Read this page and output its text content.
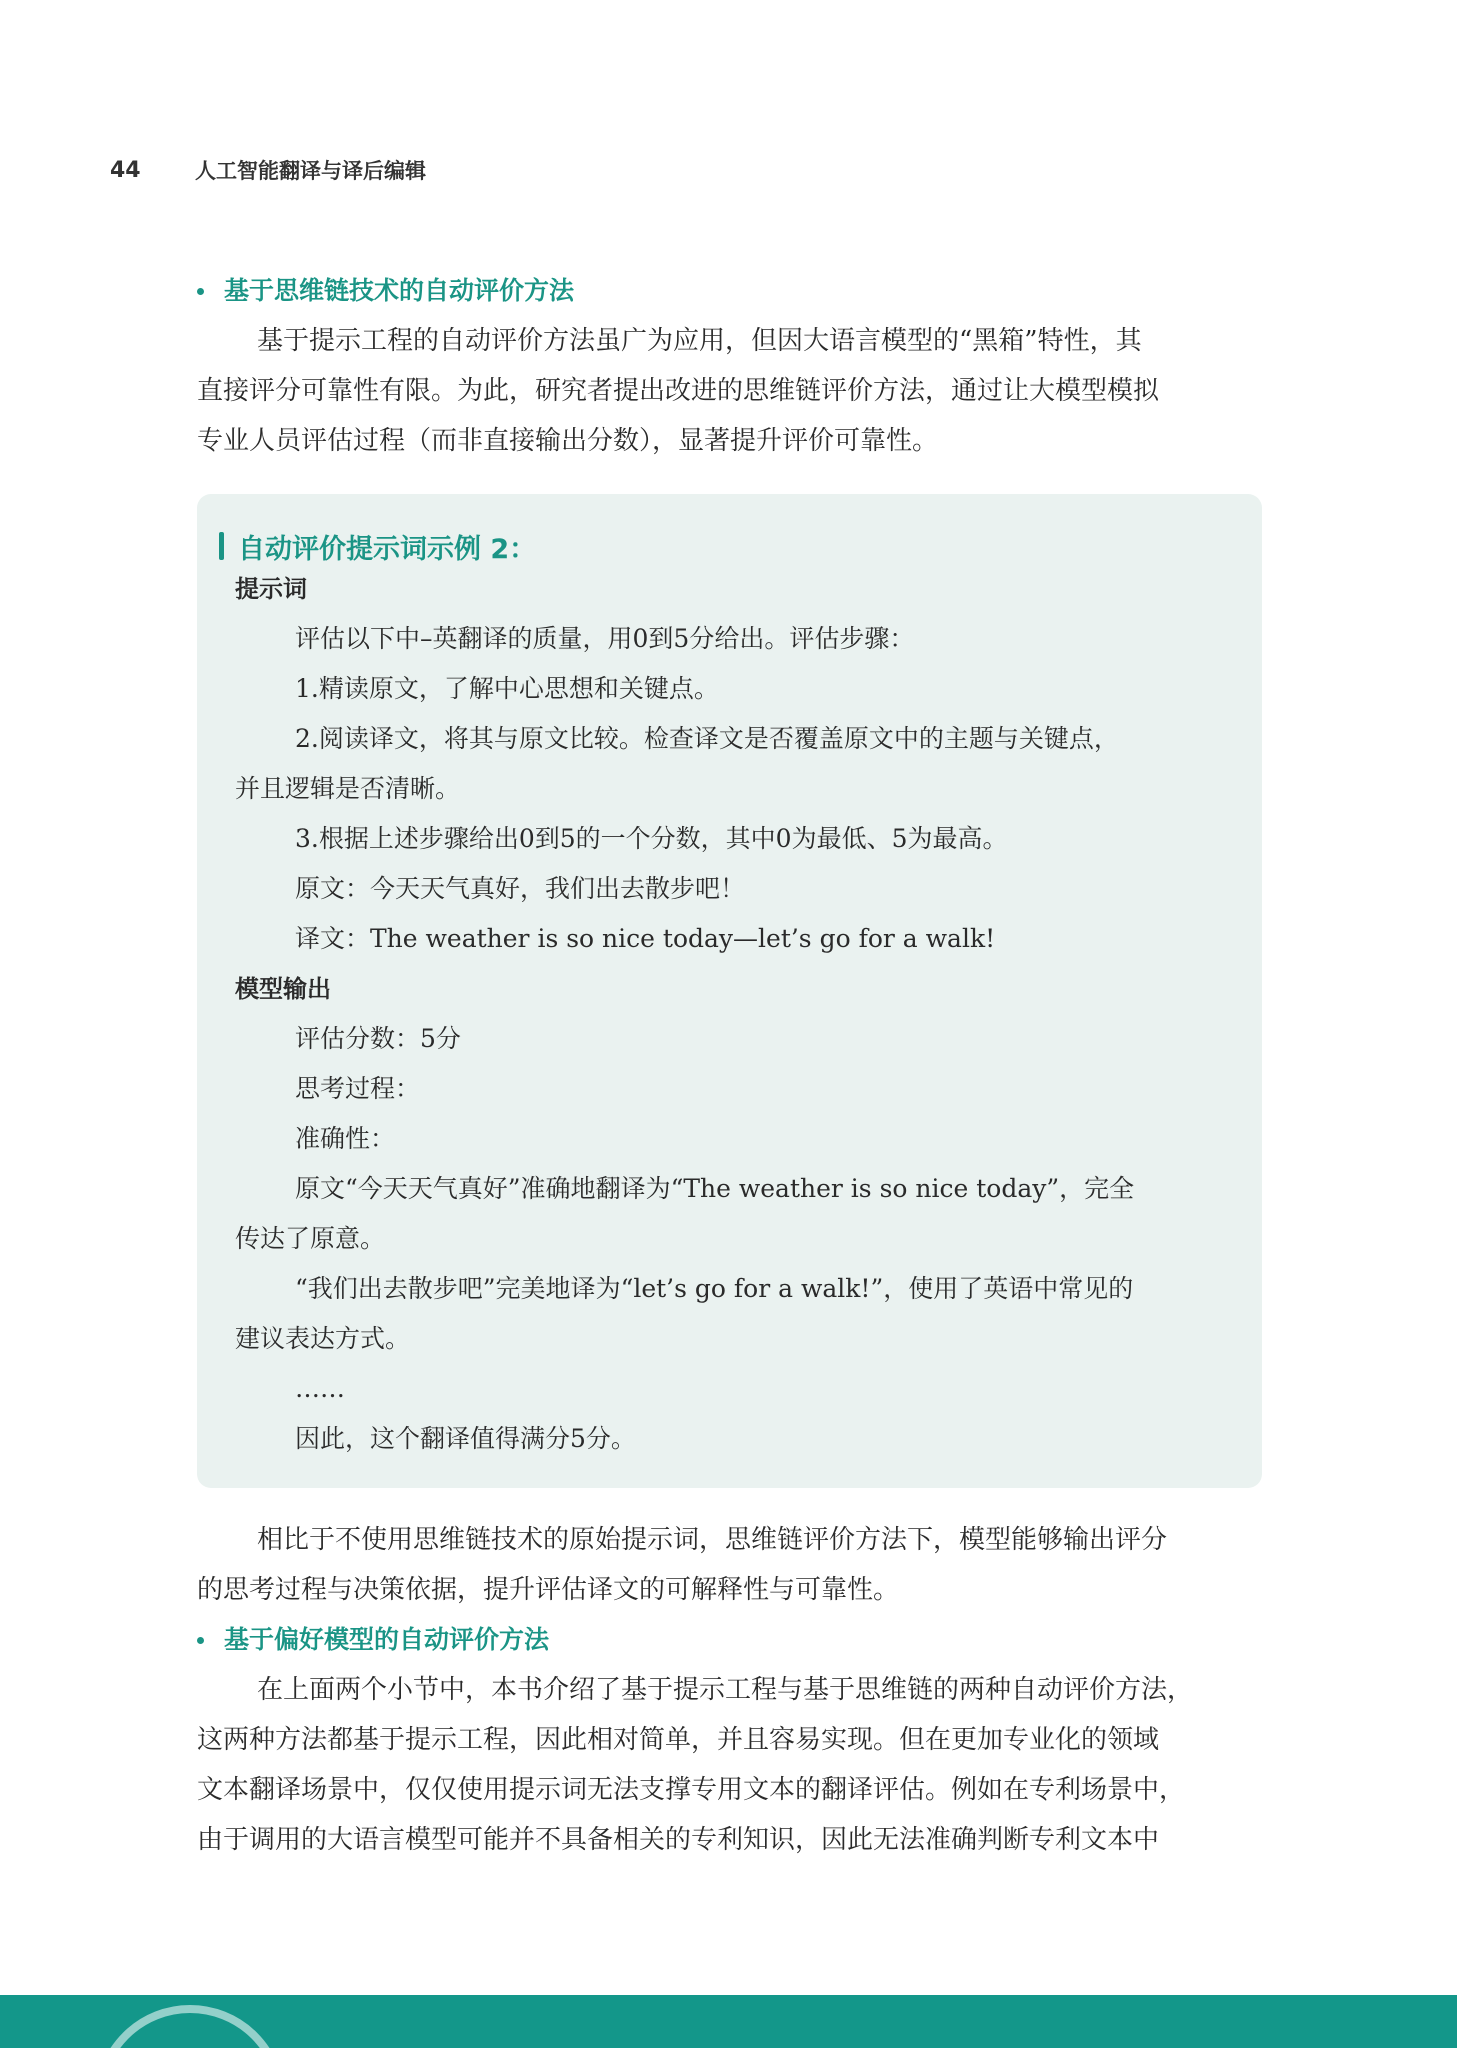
44	人工智能翻译与译后编辑
基于思维链技术的自动评价方法

基于提示工程的自动评价方法虽广为应用，但因大语言模型的“黑箱”特性，其

直接评分可靠性有限。为此，研究者提出改进的思维链评价方法，通过让大模型模拟

专业人员评估过程（而非直接输出分数），显著提升评价可靠性。

自动评价提示词示例 2：
提示词
评估以下中–英翻译的质量，用0到5分给出。评估步骤：
1.精读原文，了解中心思想和关键点。
2.阅读译文，将其与原文比较。检查译文是否覆盖原文中的主题与关键点，
并且逻辑是否清晰。
3.根据上述步骤给出0到5的一个分数，其中0为最低、5为最高。
原文：今天天气真好，我们出去散步吧！
译文：The weather is so nice today—let’s go for a walk!
模型输出
评估分数：5分
思考过程：
准确性：
原文“今天天气真好”准确地翻译为“The weather is so nice today”，完全
传达了原意。
“我们出去散步吧”完美地译为“let’s go for a walk!”，使用了英语中常见的
建议表达方式。
……
因此，这个翻译值得满分5分。

相比于不使用思维链技术的原始提示词，思维链评价方法下，模型能够输出评分

的思考过程与决策依据，提升评估译文的可解释性与可靠性。

基于偏好模型的自动评价方法

在上面两个小节中，本书介绍了基于提示工程与基于思维链的两种自动评价方法，

这两种方法都基于提示工程，因此相对简单，并且容易实现。但在更加专业化的领域

文本翻译场景中，仅仅使用提示词无法支撑专用文本的翻译评估。例如在专利场景中，

由于调用的大语言模型可能并不具备相关的专利知识，因此无法准确判断专利文本中
